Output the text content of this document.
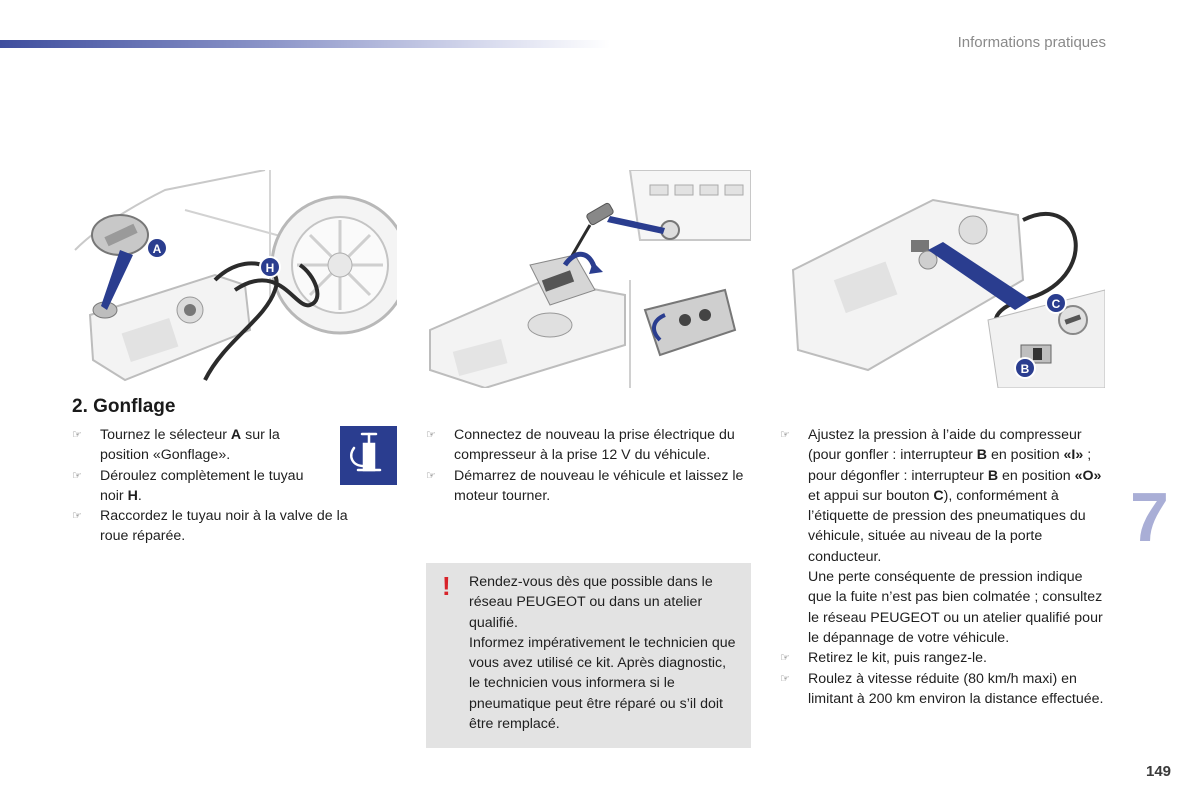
Informations pratiques
7
149
A
H
C
B
2. Gonflage
☞	Tournez le sélecteur A sur la position «Gonflage».
☞	Déroulez complètement le tuyau noir H.
☞	Raccordez le tuyau noir à la valve de la roue réparée.
☞	Connectez de nouveau la prise électrique du compresseur à la prise 12 V du véhicule.
☞	Démarrez de nouveau le véhicule et laissez le moteur tourner.
! Rendez-vous dès que possible dans le réseau PEUGEOT ou dans un atelier qualifié.

Informez impérativement le technicien que vous avez utilisé ce kit. Après diagnostic, le technicien vous informera si le pneumatique peut être réparé ou s’il doit être remplacé.

☞	Ajustez la pression à l’aide du compresseur (pour gonfler : interrupteur B en position «I» ; pour dégonfler : interrupteur B en position «O» et appui sur bouton C), conformément à l’étiquette de pression des pneumatiques du véhicule, située au niveau de la porte conducteur.
Une perte conséquente de pression indique que la fuite n’est pas bien colmatée ; consultez le réseau PEUGEOT ou un atelier qualifié pour le dépannage de votre véhicule.
☞	Retirez le kit, puis rangez-le.
☞	Roulez à vitesse réduite (80 km/h maxi) en limitant à 200 km environ la distance effectuée.
